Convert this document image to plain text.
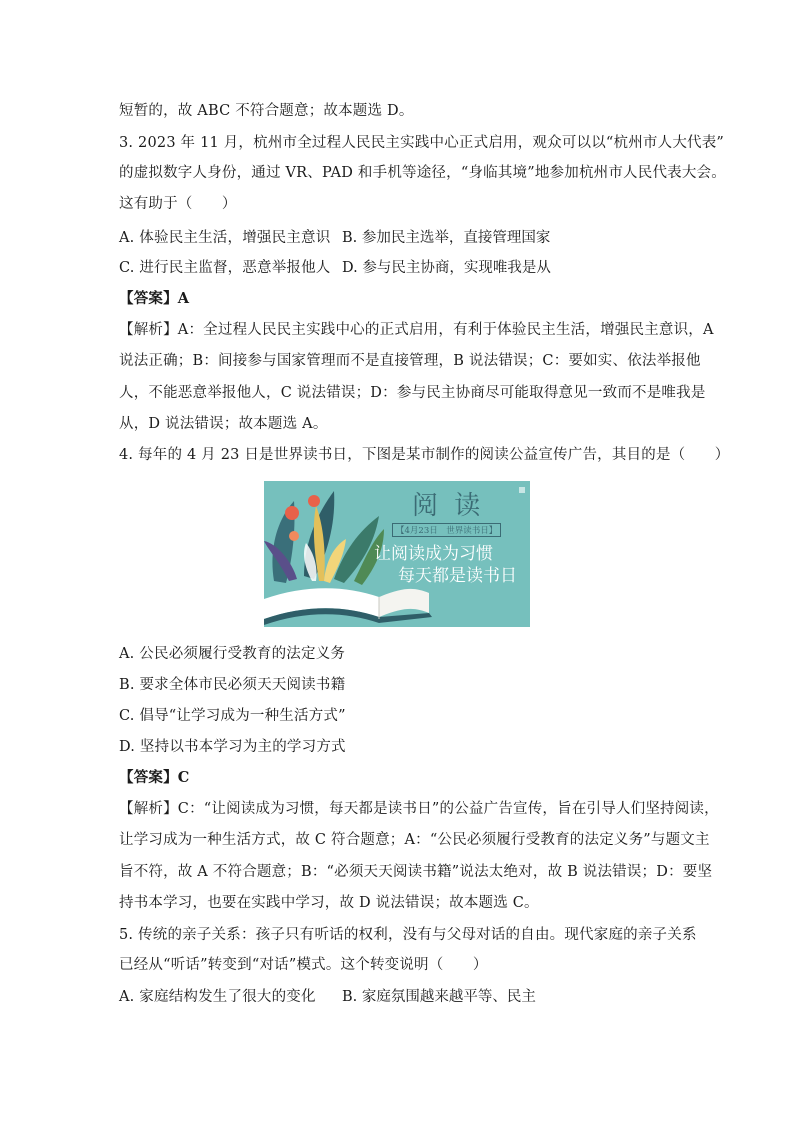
短暂的，故 ABC 不符合题意；故本题选 D。
3. 2023 年 11 月，杭州市全过程人民民主实践中心正式启用，观众可以以“杭州市人大代表”
的虚拟数字人身份，通过 VR、PAD 和手机等途径，“身临其境”地参加杭州市人民代表大会。
这有助于（　　）
A. 体验民主生活，增强民主意识 B. 参加民主选举，直接管理国家
C. 进行民主监督，恶意举报他人 D. 参与民主协商，实现唯我是从
【答案】A
【解析】A：全过程人民民主实践中心的正式启用，有利于体验民主生活，增强民主意识，A
说法正确；B：间接参与国家管理而不是直接管理，B 说法错误；C：要如实、依法举报他
人，不能恶意举报他人，C 说法错误；D：参与民主协商尽可能取得意见一致而不是唯我是
从，D 说法错误；故本题选 A。
4. 每年的 4 月 23 日是世界读书日，下图是某市制作的阅读公益宣传广告，其目的是（　　）
阅 读
【4月23日　世界读书日】
让阅读成为习惯
每天都是读书日
A. 公民必须履行受教育的法定义务
B. 要求全体市民必须天天阅读书籍
C. 倡导“让学习成为一种生活方式”
D. 坚持以书本学习为主的学习方式
【答案】C
【解析】C：“让阅读成为习惯，每天都是读书日”的公益广告宣传，旨在引导人们坚持阅读，
让学习成为一种生活方式，故 C 符合题意；A：“公民必须履行受教育的法定义务”与题文主
旨不符，故 A 不符合题意；B：“必须天天阅读书籍”说法太绝对，故 B 说法错误；D：要坚
持书本学习，也要在实践中学习，故 D 说法错误；故本题选 C。
5. 传统的亲子关系：孩子只有听话的权利，没有与父母对话的自由。现代家庭的亲子关系
已经从“听话”转变到“对话”模式。这个转变说明（　　）
A. 家庭结构发生了很大的变化 B. 家庭氛围越来越平等、民主
